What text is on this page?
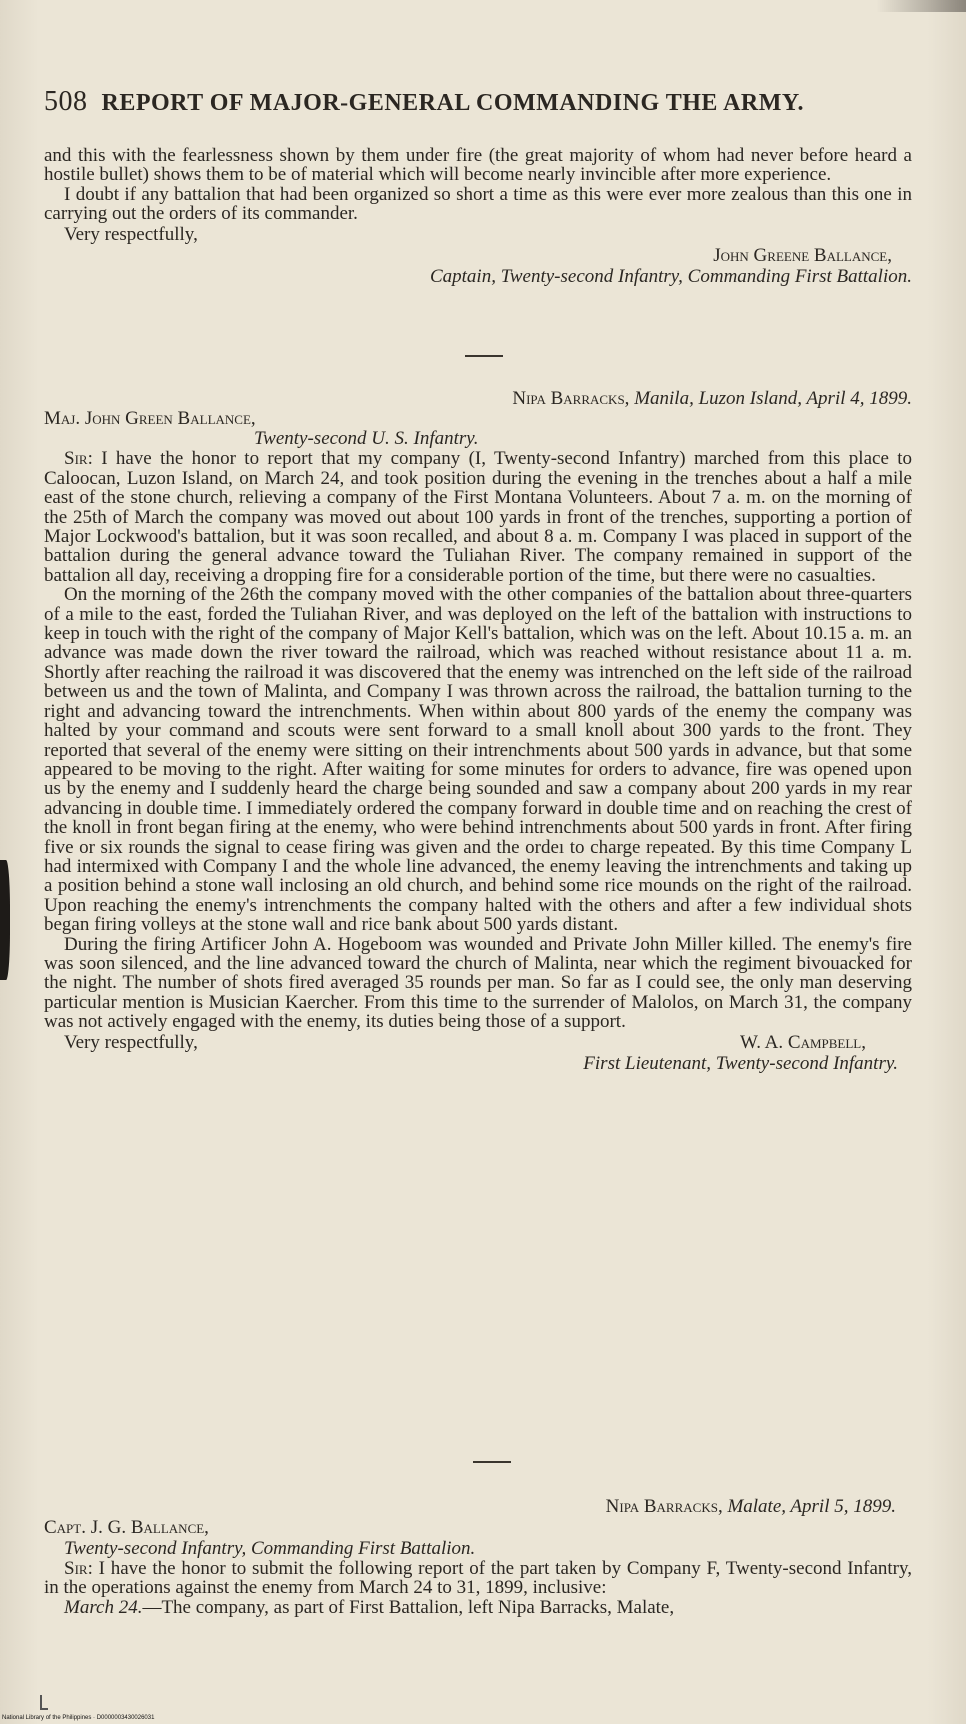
508 REPORT OF MAJOR-GENERAL COMMANDING THE ARMY.

and this with the fearlessness shown by them under fire (the great majority of whom had never before heard a hostile bullet) shows them to be of material which will become nearly invincible after more experience.

I doubt if any battalion that had been organized so short a time as this were ever more zealous than this one in carrying out the orders of its commander.

Very respectfully,

John Greene Ballance,

Captain, Twenty-second Infantry, Commanding First Battalion.

Nipa Barracks, Manila, Luzon Island, April 4, 1899.

Maj. John Green Ballance,

Twenty-second U. S. Infantry.

Sir: I have the honor to report that my company (I, Twenty-second Infantry) marched from this place to Caloocan, Luzon Island, on March 24, and took position during the evening in the trenches about a half a mile east of the stone church, relieving a company of the First Montana Volunteers. About 7 a. m. on the morning of the 25th of March the company was moved out about 100 yards in front of the trenches, supporting a portion of Major Lockwood's battalion, but it was soon recalled, and about 8 a. m. Company I was placed in support of the battalion during the general advance toward the Tuliahan River. The company remained in support of the battalion all day, receiving a dropping fire for a considerable portion of the time, but there were no casualties.

On the morning of the 26th the company moved with the other companies of the battalion about three-quarters of a mile to the east, forded the Tuliahan River, and was deployed on the left of the battalion with instructions to keep in touch with the right of the company of Major Kell's battalion, which was on the left. About 10.15 a. m. an advance was made down the river toward the railroad, which was reached without resistance about 11 a. m. Shortly after reaching the railroad it was discovered that the enemy was intrenched on the left side of the railroad between us and the town of Malinta, and Company I was thrown across the railroad, the battalion turning to the right and advancing toward the intrenchments. When within about 800 yards of the enemy the company was halted by your command and scouts were sent forward to a small knoll about 300 yards to the front. They reported that several of the enemy were sitting on their intrenchments about 500 yards in advance, but that some appeared to be moving to the right. After waiting for some minutes for orders to advance, fire was opened upon us by the enemy and I suddenly heard the charge being sounded and saw a company about 200 yards in my rear advancing in double time. I immediately ordered the company forward in double time and on reaching the crest of the knoll in front began firing at the enemy, who were behind intrenchments about 500 yards in front. After firing five or six rounds the signal to cease firing was given and the ordeı to charge repeated. By this time Company L had intermixed with Company I and the whole line advanced, the enemy leaving the intrenchments and taking up a position behind a stone wall inclosing an old church, and behind some rice mounds on the right of the railroad. Upon reaching the enemy's intrenchments the company halted with the others and after a few individual shots began firing volleys at the stone wall and rice bank about 500 yards distant.

During the firing Artificer John A. Hogeboom was wounded and Private John Miller killed. The enemy's fire was soon silenced, and the line advanced toward the church of Malinta, near which the regiment bivouacked for the night. The number of shots fired averaged 35 rounds per man. So far as I could see, the only man deserving particular mention is Musician Kaercher. From this time to the surrender of Malolos, on March 31, the company was not actively engaged with the enemy, its duties being those of a support.

Very respectfully,	W. A. Campbell,

First Lieutenant, Twenty-second Infantry.

Nipa Barracks, Malate, April 5, 1899.

Capt. J. G. Ballance,

Twenty-second Infantry, Commanding First Battalion.

Sir: I have the honor to submit the following report of the part taken by Company F, Twenty-second Infantry, in the operations against the enemy from March 24 to 31, 1899, inclusive:

March 24.—The company, as part of First Battalion, left Nipa Barracks, Malate,

National Library of the Philippines · D0000003430026031
